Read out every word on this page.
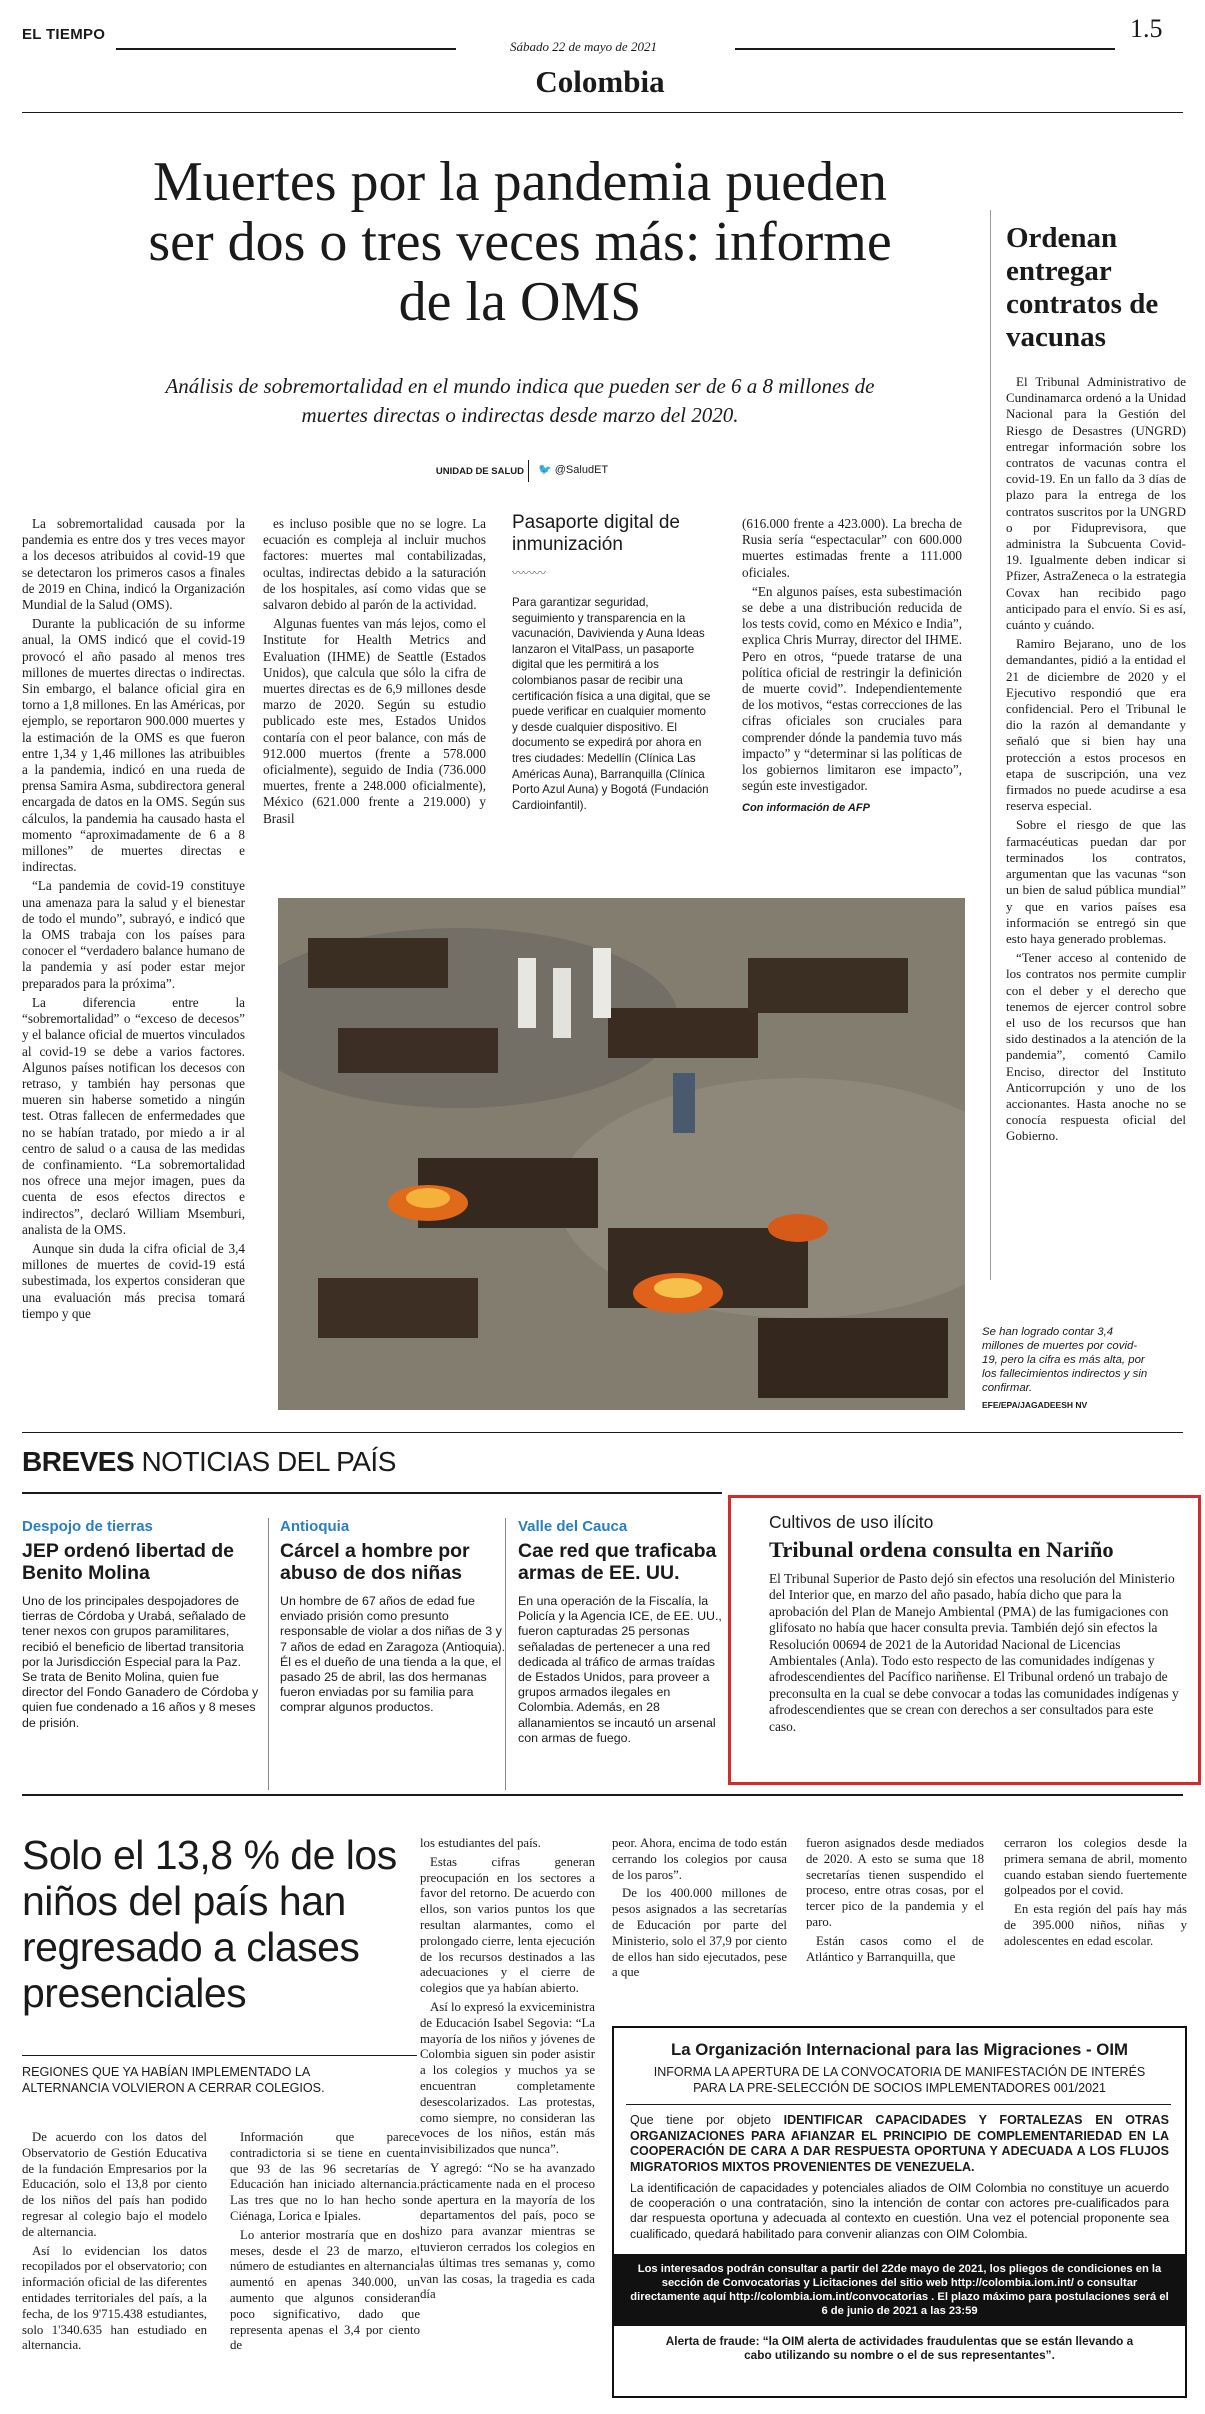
EL TIEMPO
Sábado 22 de mayo de 2021
1.5
Colombia
Muertes por la pandemia pueden ser dos o tres veces más: informe de la OMS
Análisis de sobremortalidad en el mundo indica que pueden ser de 6 a 8 millones de muertes directas o indirectas desde marzo del 2020.
UNIDAD DE SALUD 🐦 @SaludET

La sobremortalidad causada por la pandemia es entre dos y tres veces mayor a los decesos atribuidos al covid-19 que se detectaron los primeros casos a finales de 2019 en China, indicó la Organización Mundial de la Salud (OMS).

Durante la publicación de su informe anual, la OMS indicó que el covid-19 provocó el año pasado al menos tres millones de muertes directas o indirectas. Sin embargo, el balance oficial gira en torno a 1,8 millones. En las Américas, por ejemplo, se reportaron 900.000 muertes y la estimación de la OMS es que fueron entre 1,34 y 1,46 millones las atribuibles a la pandemia, indicó en una rueda de prensa Samira Asma, subdirectora general encargada de datos en la OMS. Según sus cálculos, la pandemia ha causado hasta el momento “aproximadamente de 6 a 8 millones” de muertes directas e indirectas.

“La pandemia de covid-19 constituye una amenaza para la salud y el bienestar de todo el mundo”, subrayó, e indicó que la OMS trabaja con los países para conocer el “verdadero balance humano de la pandemia y así poder estar mejor preparados para la próxima”.

La diferencia entre la “sobremortalidad” o “exceso de decesos” y el balance oficial de muertos vinculados al covid-19 se debe a varios factores. Algunos países notifican los decesos con retraso, y también hay personas que mueren sin haberse sometido a ningún test. Otras fallecen de enfermedades que no se habían tratado, por miedo a ir al centro de salud o a causa de las medidas de confinamiento. “La sobremortalidad nos ofrece una mejor imagen, pues da cuenta de esos efectos directos e indirectos”, declaró William Msemburi, analista de la OMS.

Aunque sin duda la cifra oficial de 3,4 millones de muertes de covid-19 está subestimada, los expertos consideran que una evaluación más precisa tomará tiempo y que

es incluso posible que no se logre. La ecuación es compleja al incluir muchos factores: muertes mal contabilizadas, ocultas, indirectas debido a la saturación de los hospitales, así como vidas que se salvaron debido al parón de la actividad.

Algunas fuentes van más lejos, como el Institute for Health Metrics and Evaluation (IHME) de Seattle (Estados Unidos), que calcula que sólo la cifra de muertes directas es de 6,9 millones desde marzo de 2020. Según su estudio publicado este mes, Estados Unidos contaría con el peor balance, con más de 912.000 muertos (frente a 578.000 oficialmente), seguido de India (736.000 muertes, frente a 248.000 oficialmente), México (621.000 frente a 219.000) y Brasil

Pasaporte digital de inmunización
〰〰〰
Para garantizar seguridad, seguimiento y transparencia en la vacunación, Davivienda y Auna Ideas lanzaron el VitalPass, un pasaporte digital que les permitirá a los colombianos pasar de recibir una certificación física a una digital, que se puede verificar en cualquier momento y desde cualquier dispositivo. El documento se expedirá por ahora en tres ciudades: Medellín (Clínica Las Américas Auna), Barranquilla (Clínica Porto Azul Auna) y Bogotá (Fundación Cardioinfantil).

(616.000 frente a 423.000). La brecha de Rusia sería “espectacular” con 600.000 muertes estimadas frente a 111.000 oficiales.

“En algunos países, esta subestimación se debe a una distribución reducida de los tests covid, como en México e India”, explica Chris Murray, director del IHME. Pero en otros, “puede tratarse de una política oficial de restringir la definición de muerte covid”. Independientemente de los motivos, “estas correcciones de las cifras oficiales son cruciales para comprender dónde la pandemia tuvo más impacto” y “determinar si las políticas de los gobiernos limitaron ese impacto”, según este investigador.

Con información de AFP

Se han logrado contar 3,4 millones de muertes por covid-19, pero la cifra es más alta, por los fallecimientos indirectos y sin confirmar.
EFE/EPA/JAGADEESH NV
Ordenan entregar contratos de vacunas

El Tribunal Administrativo de Cundinamarca ordenó a la Unidad Nacional para la Gestión del Riesgo de Desastres (UNGRD) entregar información sobre los contratos de vacunas contra el covid-19. En un fallo da 3 días de plazo para la entrega de los contratos suscritos por la UNGRD o por Fiduprevisora, que administra la Subcuenta Covid-19. Igualmente deben indicar si Pfizer, AstraZeneca o la estrategia Covax han recibido pago anticipado para el envío. Si es así, cuánto y cuándo.

Ramiro Bejarano, uno de los demandantes, pidió a la entidad el 21 de diciembre de 2020 y el Ejecutivo respondió que era confidencial. Pero el Tribunal le dio la razón al demandante y señaló que si bien hay una protección a estos procesos en etapa de suscripción, una vez firmados no puede acudirse a esa reserva especial.

Sobre el riesgo de que las farmacéuticas puedan dar por terminados los contratos, argumentan que las vacunas “son un bien de salud pública mundial” y que en varios países esa información se entregó sin que esto haya generado problemas.

“Tener acceso al contenido de los contratos nos permite cumplir con el deber y el derecho que tenemos de ejercer control sobre el uso de los recursos que han sido destinados a la atención de la pandemia”, comentó Camilo Enciso, director del Instituto Anticorrupción y uno de los accionantes. Hasta anoche no se conocía respuesta oficial del Gobierno.

BREVES NOTICIAS DEL PAÍS
Despojo de tierras
JEP ordenó libertad de Benito Molina
Uno de los principales despojadores de tierras de Córdoba y Urabá, señalado de tener nexos con grupos paramilitares, recibió el beneficio de libertad transitoria por la Jurisdicción Especial para la Paz. Se trata de Benito Molina, quien fue director del Fondo Ganadero de Córdoba y quien fue condenado a 16 años y 8 meses de prisión.
Antioquia
Cárcel a hombre por abuso de dos niñas
Un hombre de 67 años de edad fue enviado prisión como presunto responsable de violar a dos niñas de 3 y 7 años de edad en Zaragoza (Antioquia). Él es el dueño de una tienda a la que, el pasado 25 de abril, las dos hermanas fueron enviadas por su familia para comprar algunos productos.
Valle del Cauca
Cae red que traficaba armas de EE. UU.
En una operación de la Fiscalía, la Policía y la Agencia ICE, de EE. UU., fueron capturadas 25 personas señaladas de pertenecer a una red dedicada al tráfico de armas traídas de Estados Unidos, para proveer a grupos armados ilegales en Colombia. Además, en 28 allanamientos se incautó un arsenal con armas de fuego.
Cultivos de uso ilícito
Tribunal ordena consulta en Nariño
El Tribunal Superior de Pasto dejó sin efectos una resolución del Ministerio del Interior que, en marzo del año pasado, había dicho que para la aprobación del Plan de Manejo Ambiental (PMA) de las fumigaciones con glifosato no había que hacer consulta previa. También dejó sin efectos la Resolución 00694 de 2021 de la Autoridad Nacional de Licencias Ambientales (Anla). Todo esto respecto de las comunidades indígenas y afrodescendientes del Pacífico nariñense. El Tribunal ordenó un trabajo de preconsulta en la cual se debe convocar a todas las comunidades indígenas y afrodescendientes que se crean con derechos a ser consultados para este caso.
Solo el 13,8 % de los niños del país han regresado a clases presenciales
REGIONES QUE YA HABÍAN IMPLEMENTADO LA ALTERNANCIA VOLVIERON A CERRAR COLEGIOS.

De acuerdo con los datos del Observatorio de Gestión Educativa de la fundación Empresarios por la Educación, solo el 13,8 por ciento de los niños del país han podido regresar al colegio bajo el modelo de alternancia.

Así lo evidencian los datos recopilados por el observatorio; con información oficial de las diferentes entidades territoriales del país, a la fecha, de los 9'715.438 estudiantes, solo 1'340.635 han estudiado en alternancia.

Información que parece contradictoria si se tiene en cuenta que 93 de las 96 secretarías de Educación han iniciado alternancia. Las tres que no lo han hecho son Ciénaga, Lorica e Ipiales.

Lo anterior mostraría que en dos meses, desde el 23 de marzo, el número de estudiantes en alternancia aumentó en apenas 340.000, un aumento que algunos consideran poco significativo, dado que representa apenas el 3,4 por ciento de

los estudiantes del país.

Estas cifras generan preocupación en los sectores a favor del retorno. De acuerdo con ellos, son varios puntos los que resultan alarmantes, como el prolongado cierre, lenta ejecución de los recursos destinados a las adecuaciones y el cierre de colegios que ya habían abierto.

Así lo expresó la exviceministra de Educación Isabel Segovia: “La mayoría de los niños y jóvenes de Colombia siguen sin poder asistir a los colegios y muchos ya se encuentran completamente desescolarizados. Las protestas, como siempre, no consideran las voces de los niños, están más invisibilizados que nunca”.

Y agregó: “No se ha avanzado prácticamente nada en el proceso de apertura en la mayoría de los departamentos del país, poco se hizo para avanzar mientras se tuvieron cerrados los colegios en las últimas tres semanas y, como van las cosas, la tragedia es cada día

peor. Ahora, encima de todo están cerrando los colegios por causa de los paros”.

De los 400.000 millones de pesos asignados a las secretarías de Educación por parte del Ministerio, solo el 37,9 por ciento de ellos han sido ejecutados, pese a que

fueron asignados desde mediados de 2020. A esto se suma que 18 secretarías tienen suspendido el proceso, entre otras cosas, por el tercer pico de la pandemia y el paro.

Están casos como el de Atlántico y Barranquilla, que

cerraron los colegios desde la primera semana de abril, momento cuando estaban siendo fuertemente golpeados por el covid.

En esta región del país hay más de 395.000 niños, niñas y adolescentes en edad escolar.

La Organización Internacional para las Migraciones - OIM
INFORMA LA APERTURA DE LA CONVOCATORIA DE MANIFESTACIÓN DE INTERÉS PARA LA PRE-SELECCIÓN DE SOCIOS IMPLEMENTADORES 001/2021
Que tiene por objeto IDENTIFICAR CAPACIDADES Y FORTALEZAS EN OTRAS ORGANIZACIONES PARA AFIANZAR EL PRINCIPIO DE COMPLEMENTARIEDAD EN LA COOPERACIÓN DE CARA A DAR RESPUESTA OPORTUNA Y ADECUADA A LOS FLUJOS MIGRATORIOS MIXTOS PROVENIENTES DE VENEZUELA.
La identificación de capacidades y potenciales aliados de OIM Colombia no constituye un acuerdo de cooperación o una contratación, sino la intención de contar con actores pre-cualificados para dar respuesta oportuna y adecuada al contexto en cuestión. Una vez el potencial proponente sea cualificado, quedará habilitado para convenir alianzas con OIM Colombia.
Los interesados podrán consultar a partir del 22de mayo de 2021, los pliegos de condiciones en la sección de Convocatorias y Licitaciones del sitio web http://colombia.iom.int/ o consultar directamente aquí http://colombia.iom.int/convocatorias . El plazo máximo para postulaciones será el 6 de junio de 2021 a las 23:59
Alerta de fraude: “la OIM alerta de actividades fraudulentas que se están llevando a cabo utilizando su nombre o el de sus representantes”.
